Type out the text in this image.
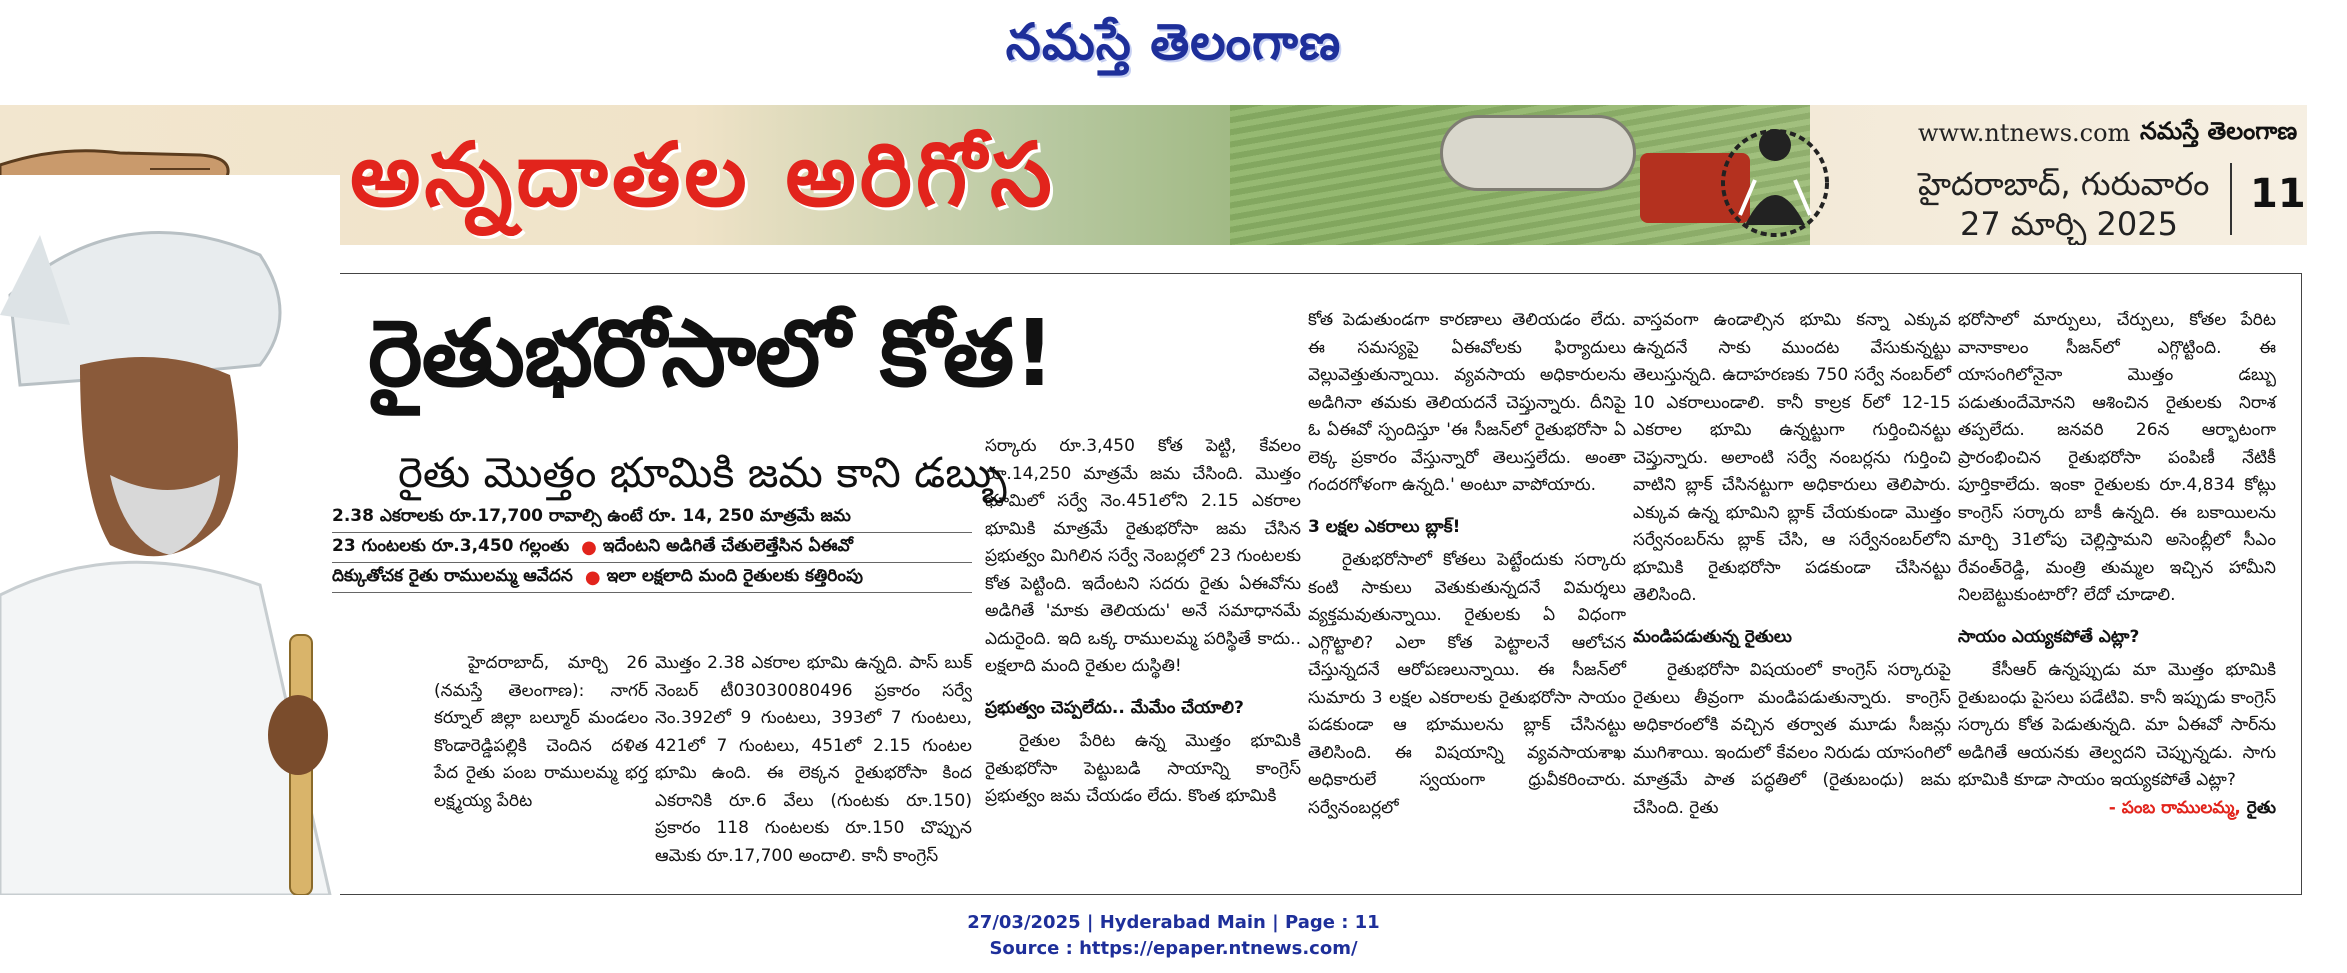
నమస్తే తెలంగాణ
అన్నదాతల అరిగోస	www.ntnews.com నమస్తే తెలంగాణ
హైదరాబాద్, గురువారం
27 మార్చి 2025
11
రైతుభరోసాలో కోత!
రైతు మొత్తం భూమికి జమ కాని డబ్బు
2.38 ఎకరాలకు రూ.17,700 రావాల్సి ఉంటే రూ. 14, 250 మాత్రమే జమ
23 గుంటలకు రూ.3,450 గల్లంతు ● ఇదేంటని అడిగితే చేతులెత్తేసిన ఏఈవో
దిక్కుతోచక రైతు రాములమ్మ ఆవేదన ● ఇలా లక్షలాది మంది రైతులకు కత్తిరింపు

హైదరాబాద్, మార్చి 26 (నమస్తే తెలంగాణ): నాగర్ కర్నూల్ జిల్లా బల్మూర్ మండలం కొండారెడ్డిపల్లికి చెందిన దళిత పేద రైతు పంబ రాములమ్మ భర్త లక్ష్మయ్య పేరిట

మొత్తం 2.38 ఎకరాల భూమి ఉన్నది. పాస్ బుక్ నెంబర్ టీ03030080496 ప్రకారం సర్వే నెం.392లో 9 గుంటలు, 393లో 7 గుంటలు, 421లో 7 గుంటలు, 451లో 2.15 గుంటల భూమి ఉంది. ఈ లెక్కన రైతుభరోసా కింద ఎకరానికి రూ.6 వేలు (గుంటకు రూ.150) ప్రకారం 118 గుంటలకు రూ.150 చొప్పున ఆమెకు రూ.17,700 అందాలి. కానీ కాంగ్రెస్

సర్కారు రూ.3,450 కోత పెట్టి, కేవలం రూ.14,250 మాత్రమే జమ చేసింది. మొత్తం భూమిలో సర్వే నెం.451లోని 2.15 ఎకరాల భూమికి మాత్రమే రైతుభరోసా జమ చేసిన ప్రభుత్వం మిగిలిన సర్వే నెంబర్లలో 23 గుంటలకు కోత పెట్టింది. ఇదేంటని సదరు రైతు ఏఈవోను అడిగితే 'మాకు తెలియదు' అనే సమాధానమే ఎదురైంది. ఇది ఒక్క రాములమ్మ పరిస్థితే కాదు.. లక్షలాది మంది రైతుల దుస్థితి!

ప్రభుత్వం చెప్పలేదు.. మేమేం చేయాలి?

రైతుల పేరిట ఉన్న మొత్తం భూమికి రైతుభరోసా పెట్టుబడి సాయాన్ని కాంగ్రెస్ ప్రభుత్వం జమ చేయడం లేదు. కొంత భూమికి

కోత పెడుతుండగా కారణాలు తెలియడం లేదు. ఈ సమస్యపై ఏఈవోలకు ఫిర్యాదులు వెల్లువెత్తుతున్నాయి. వ్యవసాయ అధికారులను అడిగినా తమకు తెలియదనే చెప్తున్నారు. దీనిపై ఓ ఏఈవో స్పందిస్తూ 'ఈ సీజన్‌లో రైతుభరోసా ఏ లెక్క ప్రకారం వేస్తున్నారో తెలుస్తలేదు. అంతా గందరగోళంగా ఉన్నది.' అంటూ వాపోయారు.

3 లక్షల ఎకరాలు బ్లాక్!

రైతుభరోసాలో కోతలు పెట్టేందుకు సర్కారు కంటి సాకులు వెతుకుతున్నదనే విమర్శలు వ్యక్తమవుతున్నాయి. రైతులకు ఏ విధంగా ఎగ్గొట్టాలి? ఎలా కోత పెట్టాలనే ఆలోచన చేస్తున్నదనే ఆరోపణలున్నాయి. ఈ సీజన్‌లో సుమారు 3 లక్షల ఎకరాలకు రైతుభరోసా సాయం పడకుండా ఆ భూములను బ్లాక్ చేసినట్టు తెలిసింది. ఈ విషయాన్ని వ్యవసాయశాఖ అధికారులే స్వయంగా ధ్రువీకరించారు. సర్వేనంబర్లలో

వాస్తవంగా ఉండాల్సిన భూమి కన్నా ఎక్కువ ఉన్నదనే సాకు ముందట వేసుకున్నట్టు తెలుస్తున్నది. ఉదాహరణకు 750 సర్వే నంబర్‌లో 10 ఎకరాలుండాలి. కానీ కాల్రక ర్‌లో 12-15 ఎకరాల భూమి ఉన్నట్టుగా గుర్తించినట్టు చెప్తున్నారు. అలాంటి సర్వే నంబర్లను గుర్తించి వాటిని బ్లాక్ చేసినట్టుగా అధికారులు తెలిపారు. ఎక్కువ ఉన్న భూమిని బ్లాక్ చేయకుండా మొత్తం సర్వేనంబర్‌ను బ్లాక్ చేసి, ఆ సర్వేనంబర్‌లోని భూమికి రైతుభరోసా పడకుండా చేసినట్టు తెలిసింది.

మండిపడుతున్న రైతులు

రైతుభరోసా విషయంలో కాంగ్రెస్ సర్కారుపై రైతులు తీవ్రంగా మండిపడుతున్నారు. కాంగ్రెస్ అధికారంలోకి వచ్చిన తర్వాత మూడు సీజన్లు ముగిశాయి. ఇందులో కేవలం నిరుడు యాసంగిలో మాత్రమే పాత పద్ధతిలో (రైతుబంధు) జమ చేసింది. రైతు

భరోసాలో మార్పులు, చేర్పులు, కోతల పేరిట వానాకాలం సీజన్‌లో ఎగ్గొట్టింది. ఈ యాసంగిలోనైనా మొత్తం డబ్బు పడుతుందేమోనని ఆశించిన రైతులకు నిరాశ తప్పలేదు. జనవరి 26న ఆర్భాటంగా ప్రారంభించిన రైతుభరోసా పంపిణీ నేటికీ పూర్తికాలేదు. ఇంకా రైతులకు రూ.4,834 కోట్లు కాంగ్రెస్ సర్కారు బాకీ ఉన్నది. ఈ బకాయిలను మార్చి 31లోపు చెల్లిస్తామని అసెంబ్లీలో సీఎం రేవంత్‌రెడ్డి, మంత్రి తుమ్మల ఇచ్చిన హామీని నిలబెట్టుకుంటారో? లేదో చూడాలి.

సాయం ఎయ్యకపోతే ఎట్లా?

కేసీఆర్ ఉన్నప్పుడు మా మొత్తం భూమికి రైతుబంధు పైసలు పడేటివి. కానీ ఇప్పుడు కాంగ్రెస్ సర్కారు కోత పెడుతున్నది. మా ఏఈవో సార్‌ను అడిగితే ఆయనకు తెల్వదని చెప్పున్నడు. సాగు భూమికి కూడా సాయం ఇయ్యకపోతే ఎట్లా?

- పంబ రాములమ్మ, రైతు

27/03/2025 | Hyderabad Main | Page : 11
Source : https://epaper.ntnews.com/
